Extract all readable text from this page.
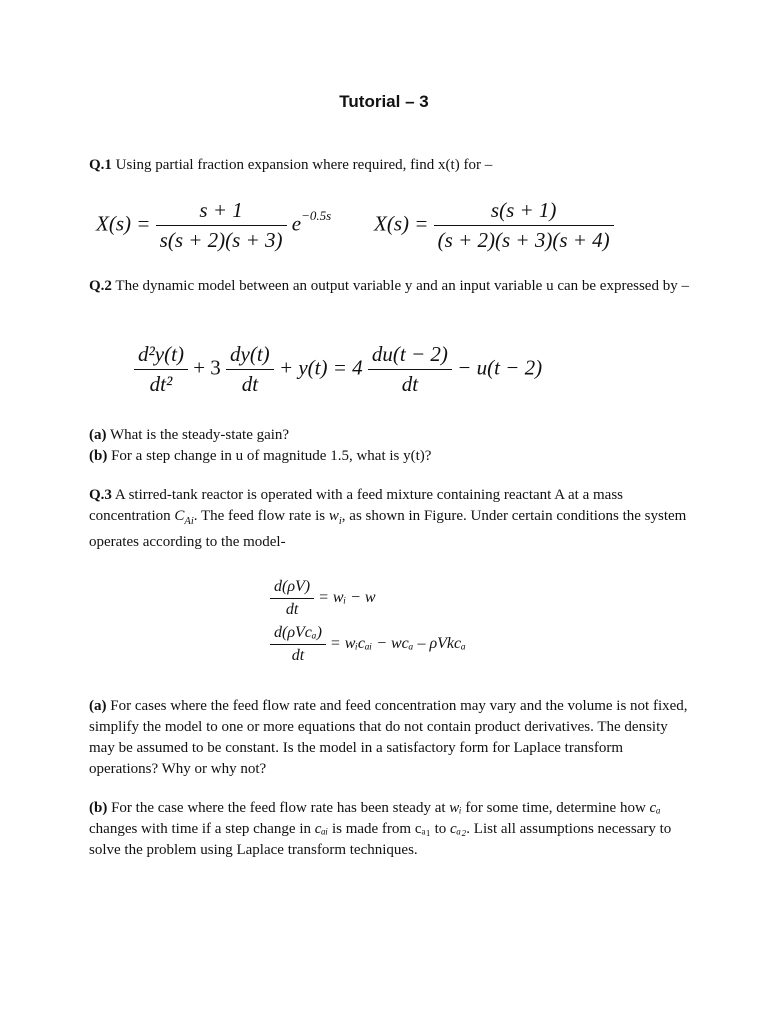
Tutorial – 3
Q.1 Using partial fraction expansion where required, find x(t) for –
$X(s) = \frac{s + 1}{s(s + 2)(s + 3)} e^{-0.5s}$ $X(s) = \frac{s(s + 1)}{(s + 2)(s + 3)(s + 4)}$
Q.2 The dynamic model between an output variable y and an input variable u can be expressed by –
$\frac{\text{d²y(t)}}{\text{dt²}} + 3 \frac{dy(t)}{dt} + y(t) = 4 \frac{du(t - 2)}{dt} - u(t - 2)$
(a) What is the steady-state gain?
(b) For a step change in u of magnitude 1.5, what is y(t)?
Q.3 A stirred-tank reactor is operated with a feed mixture containing reactant A at a mass concentration $C_{Ai}$. The feed flow rate is $w_i$, as shown in Figure. Under certain conditions the system operates according to the model-
$\frac{d(\rho V)}{dt}$ = wᵢ − w
$\frac{\text{d(ρVcₐ)}}{dt}$ = wᵢcₐᵢ − wcₐ – ρVkcₐ
(a) For cases where the feed flow rate and feed concentration may vary and the volume is not fixed, simplify the model to one or more equations that do not contain product derivatives. The density may be assumed to be constant. Is the model in a satisfactory form for Laplace transform operations? Why or why not?
(b) For the case where the feed flow rate has been steady at wᵢ for some time, determine how cₐ changes with time if a step change in cₐᵢ is made from cₐ₁ to cₐ₂. List all assumptions necessary to solve the problem using Laplace transform techniques.
